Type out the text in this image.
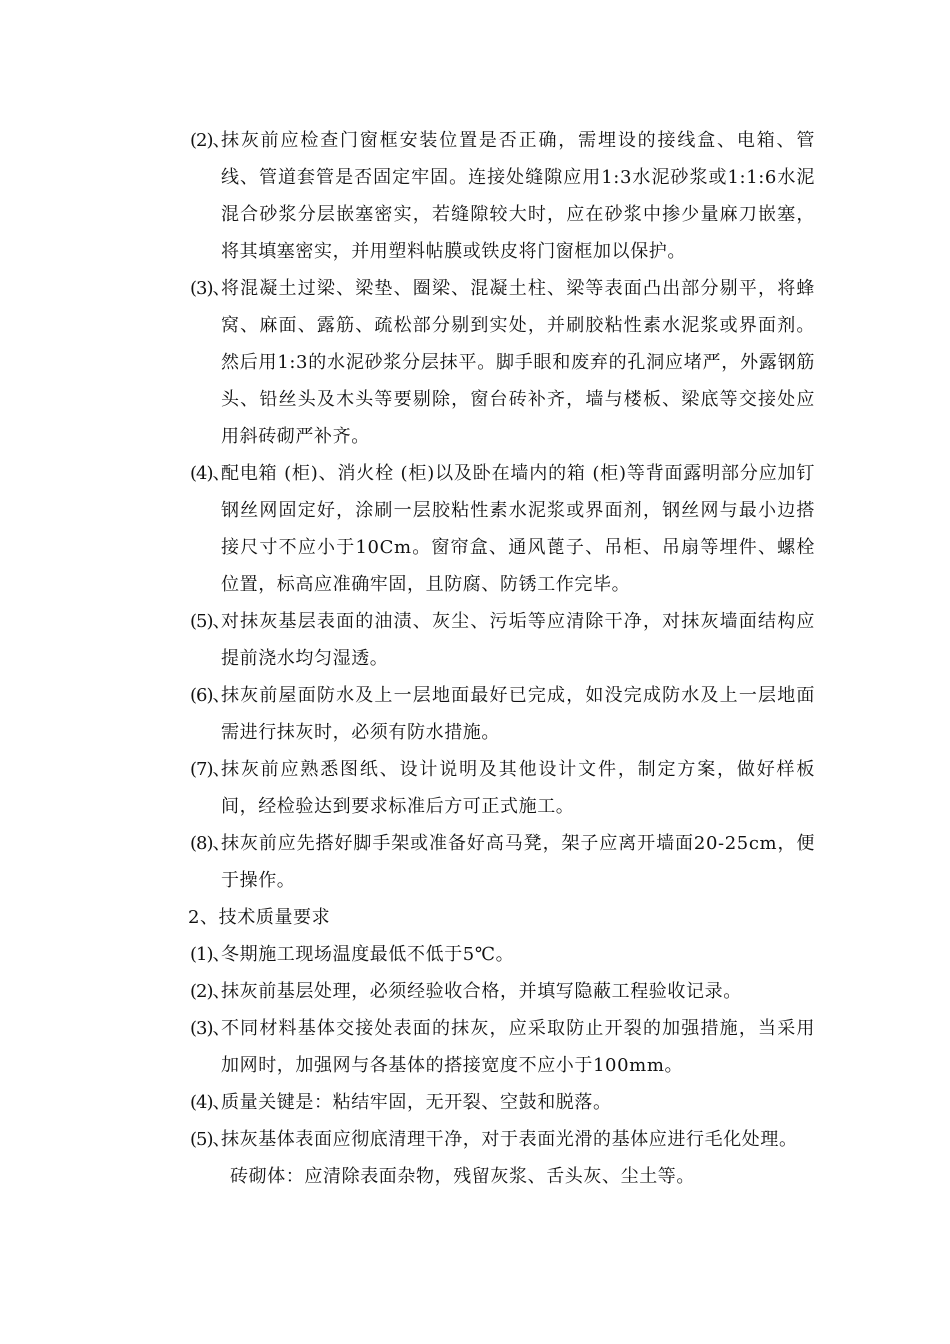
(2)、
抹灰前应检查门窗框安装位置是否正确，需埋设的接线盒、电箱、管线、管道套管是否固定牢固。连接处缝隙应用1:3水泥砂浆或1:1:6水泥混合砂浆分层嵌塞密实，若缝隙较大时，应在砂浆中掺少量麻刀嵌塞，将其填塞密实，并用塑料帖膜或铁皮将门窗框加以保护。
(3)、
将混凝土过梁、梁垫、圈梁、混凝土柱、梁等表面凸出部分剔平，将蜂窝、麻面、露筋、疏松部分剔到实处，并刷胶粘性素水泥浆或界面剂。然后用1:3的水泥砂浆分层抹平。脚手眼和废弃的孔洞应堵严，外露钢筋头、铅丝头及木头等要剔除，窗台砖补齐，墙与楼板、梁底等交接处应用斜砖砌严补齐。
(4)、
配电箱 (柜)、消火栓 (柜)以及卧在墙内的箱 (柜)等背面露明部分应加钉钢丝网固定好，涂刷一层胶粘性素水泥浆或界面剂，钢丝网与最小边搭接尺寸不应小于10Cm。窗帘盒、通风蓖子、吊柜、吊扇等埋件、螺栓位置，标高应准确牢固，且防腐、防锈工作完毕。
(5)、
对抹灰基层表面的油渍、灰尘、污垢等应清除干净，对抹灰墙面结构应提前浇水均匀湿透。
(6)、
抹灰前屋面防水及上一层地面最好已完成，如没完成防水及上一层地面需进行抹灰时，必须有防水措施。
(7)、
抹灰前应熟悉图纸、设计说明及其他设计文件，制定方案，做好样板间，经检验达到要求标准后方可正式施工。
(8)、
抹灰前应先搭好脚手架或准备好高马凳，架子应离开墙面20-25cm，便于操作。
2、技术质量要求
(1)、
冬期施工现场温度最低不低于5℃。
(2)、
抹灰前基层处理，必须经验收合格，并填写隐蔽工程验收记录。
(3)、
不同材料基体交接处表面的抹灰，应采取防止开裂的加强措施，当采用加网时，加强网与各基体的搭接宽度不应小于100mm。
(4)、
质量关键是：粘结牢固，无开裂、空鼓和脱落。
(5)、
抹灰基体表面应彻底清理干净，对于表面光滑的基体应进行毛化处理。
砖砌体：应清除表面杂物，残留灰浆、舌头灰、尘土等。
